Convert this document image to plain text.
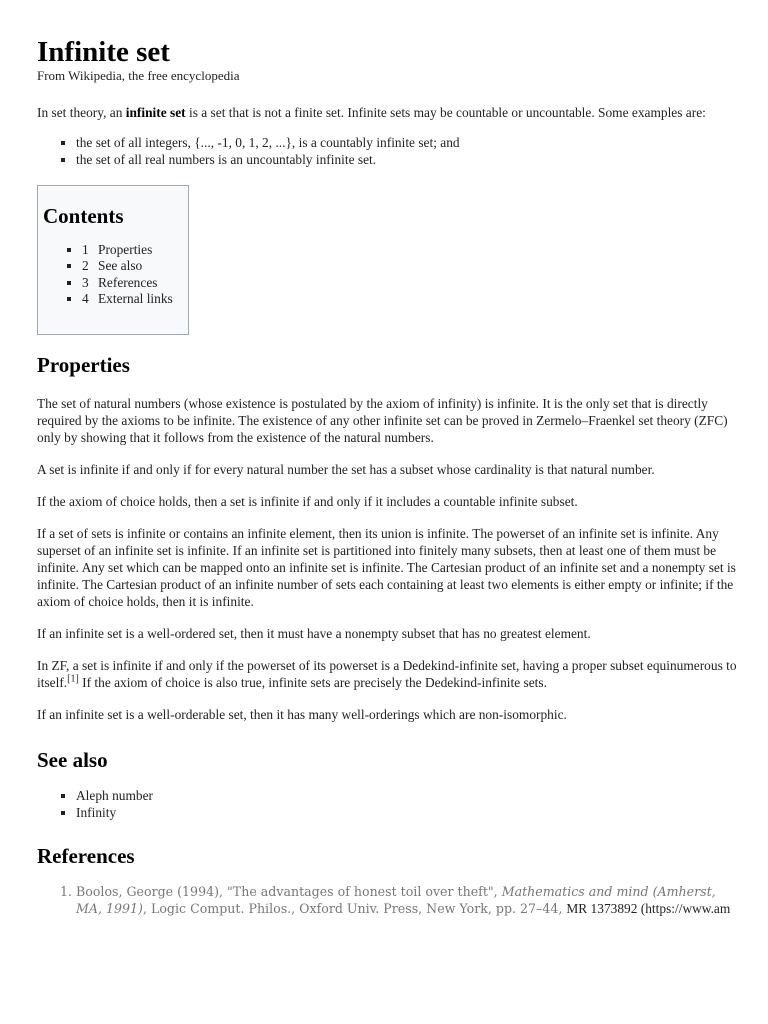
Infinite set
From Wikipedia, the free encyclopedia

In set theory, an infinite set is a set that is not a finite set. Infinite sets may be countable or uncountable. Some examples are:

▪ the set of all integers, {..., -1, 0, 1, 2, ...}, is a countably infinite set; and
▪ the set of all real numbers is an uncountably infinite set.
Contents
▪ 1 Properties
▪ 2 See also
▪ 3 References
▪ 4 External links
Properties

The set of natural numbers (whose existence is postulated by the axiom of infinity) is infinite. It is the only set that is directly required by the axioms to be infinite. The existence of any other infinite set can be proved in Zermelo–Fraenkel set theory (ZFC) only by showing that it follows from the existence of the natural numbers.

A set is infinite if and only if for every natural number the set has a subset whose cardinality is that natural number.

If the axiom of choice holds, then a set is infinite if and only if it includes a countable infinite subset.

If a set of sets is infinite or contains an infinite element, then its union is infinite. The powerset of an infinite set is infinite. Any superset of an infinite set is infinite. If an infinite set is partitioned into finitely many subsets, then at least one of them must be infinite. Any set which can be mapped onto an infinite set is infinite. The Cartesian product of an infinite set and a nonempty set is infinite. The Cartesian product of an infinite number of sets each containing at least two elements is either empty or infinite; if the axiom of choice holds, then it is infinite.

If an infinite set is a well-ordered set, then it must have a nonempty subset that has no greatest element.

In ZF, a set is infinite if and only if the powerset of its powerset is a Dedekind-infinite set, having a proper subset equinumerous to itself.[1] If the axiom of choice is also true, infinite sets are precisely the Dedekind-infinite sets.

If an infinite set is a well-orderable set, then it has many well-orderings which are non-isomorphic.

See also
▪ Aleph number
▪ Infinity
References
1. Boolos, George (1994), "The advantages of honest toil over theft", Mathematics and mind (Amherst, MA, 1991), Logic Comput. Philos., Oxford Univ. Press, New York, pp. 27–44, MR 1373892 (https://www.am
